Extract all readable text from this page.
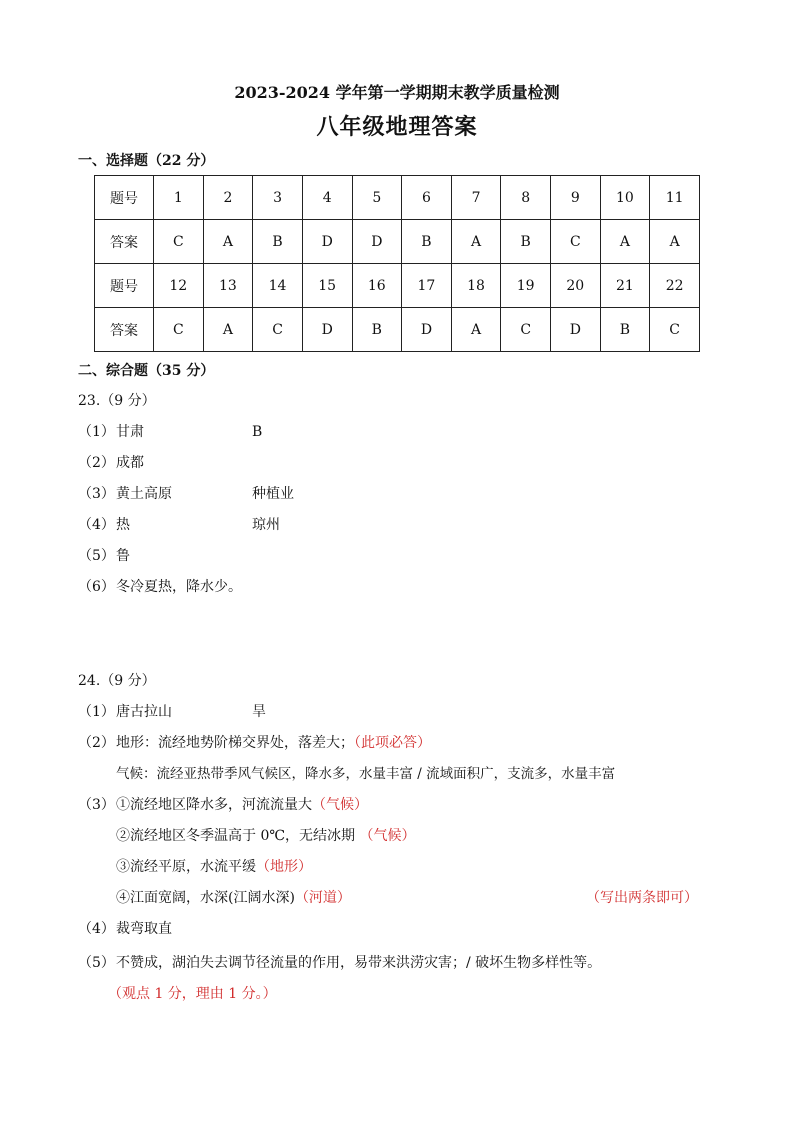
2023-2024 学年第一学期期末教学质量检测
八年级地理答案
一、选择题（22 分）
题号	1	2	3	4	5	6	7	8	9	10	11
答案	C	A	B	D	D	B	A	B	C	A	A
题号	12	13	14	15	16	17	18	19	20	21	22
答案	C	A	C	D	B	D	A	C	D	B	C
二、综合题（35 分）
23.（9 分）
（1） 甘肃	B
（2） 成都
（3） 黄土高原	种植业
（4） 热	琼州
（5） 鲁
（6） 冬冷夏热，降水少。
24.（9 分）
（1） 唐古拉山	旱
（2） 地形：流经地势阶梯交界处，落差大；（此项必答）
气候：流经亚热带季风气候区，降水多，水量丰富 / 流域面积广，支流多，水量丰富
（3） ①流经地区降水多，河流流量大（气候）
②流经地区冬季温高于 0℃，无结冰期 （气候）
③流经平原，水流平缓（地形）
④江面宽阔，水深(江阔水深)（河道）	（写出两条即可）
（4） 裁弯取直
（5） 不赞成，湖泊失去调节径流量的作用，易带来洪涝灾害；/ 破坏生物多样性等。
（观点 1 分，理由 1 分。）
